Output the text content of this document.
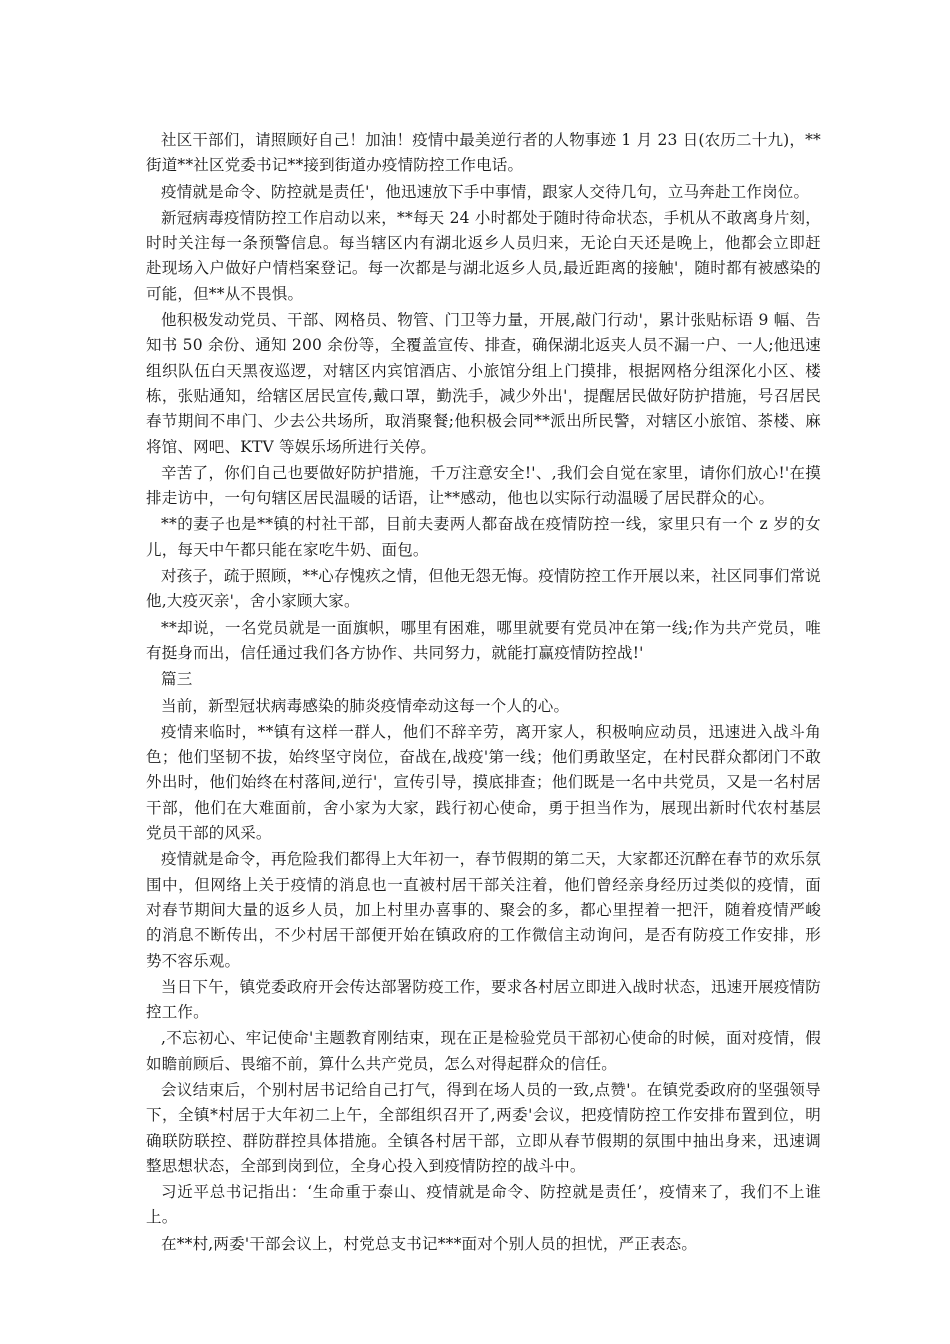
社区干部们，请照顾好自己！加油！疫情中最美逆行者的人物事迹 1 月 23 日(农历二十九)，**街道**社区党委书记**接到街道办疫情防控工作电话。

疫情就是命令、防控就是责任'，他迅速放下手中事情，跟家人交待几句，立马奔赴工作岗位。

新冠病毒疫情防控工作启动以来，**每天 24 小时都处于随时待命状态，手机从不敢离身片刻，时时关注每一条预警信息。每当辖区内有湖北返乡人员归来，无论白天还是晚上，他都会立即赶赴现场入户做好户情档案登记。每一次都是与湖北返乡人员,最近距离的接触'，随时都有被感染的可能，但**从不畏惧。

他积极发动党员、干部、网格员、物管、门卫等力量，开展,敲门行动'，累计张贴标语 9 幅、告知书 50 余份、通知 200 余份等，全覆盖宣传、排查，确保湖北返夹人员不漏一户、一人;他迅速组织队伍白天黑夜巡逻，对辖区内宾馆酒店、小旅馆分组上门摸排，根据网格分组深化小区、楼栋，张贴通知，给辖区居民宣传,戴口罩，勤洗手，减少外出'，提醒居民做好防护措施，号召居民春节期间不串门、少去公共场所，取消聚餐;他积极会同**派出所民警，对辖区小旅馆、茶楼、麻将馆、网吧、KTV 等娱乐场所进行关停。

辛苦了，你们自己也要做好防护措施，千万注意安全!'、,我们会自觉在家里，请你们放心!'在摸排走访中，一句句辖区居民温暖的话语，让**感动，他也以实际行动温暖了居民群众的心。

**的妻子也是**镇的村社干部，目前夫妻两人都奋战在疫情防控一线，家里只有一个 z 岁的女儿，每天中午都只能在家吃牛奶、面包。

对孩子，疏于照顾，**心存愧疚之情，但他无怨无悔。疫情防控工作开展以来，社区同事们常说他,大疫灭亲'，舍小家顾大家。

**却说，一名党员就是一面旗帜，哪里有困难，哪里就要有党员冲在第一线;作为共产党员，唯有挺身而出，信任通过我们各方协作、共同努力，就能打赢疫情防控战!'

篇三

当前，新型冠状病毒感染的肺炎疫情牵动这每一个人的心。

疫情来临时，**镇有这样一群人，他们不辞辛劳，离开家人，积极响应动员，迅速进入战斗角色；他们坚韧不拔，始终坚守岗位，奋战在,战疫'第一线；他们勇敢坚定，在村民群众都闭门不敢外出时，他们始终在村落间,逆行'，宣传引导，摸底排查；他们既是一名中共党员，又是一名村居干部，他们在大难面前，舍小家为大家，践行初心使命，勇于担当作为，展现出新时代农村基层党员干部的风采。

疫情就是命令，再危险我们都得上大年初一，春节假期的第二天，大家都还沉醉在春节的欢乐氛围中，但网络上关于疫情的消息也一直被村居干部关注着，他们曾经亲身经历过类似的疫情，面对春节期间大量的返乡人员，加上村里办喜事的、聚会的多，都心里捏着一把汗，随着疫情严峻的消息不断传出，不少村居干部便开始在镇政府的工作微信主动询问，是否有防疫工作安排，形势不容乐观。

当日下午，镇党委政府开会传达部署防疫工作，要求各村居立即进入战时状态，迅速开展疫情防控工作。

,不忘初心、牢记使命'主题教育刚结束，现在正是检验党员干部初心使命的时候，面对疫情，假如瞻前顾后、畏缩不前，算什么共产党员，怎么对得起群众的信任。

会议结束后，个别村居书记给自己打气，得到在场人员的一致,点赞'。在镇党委政府的坚强领导下，全镇*村居于大年初二上午，全部组织召开了,两委'会议，把疫情防控工作安排布置到位，明确联防联控、群防群控具体措施。全镇各村居干部，立即从春节假期的氛围中抽出身来，迅速调整思想状态，全部到岗到位，全身心投入到疫情防控的战斗中。

习近平总书记指出：‘生命重于泰山、疫情就是命令、防控就是责任’，疫情来了，我们不上谁上。

在**村,两委'干部会议上，村党总支书记***面对个别人员的担忧，严正表态。
